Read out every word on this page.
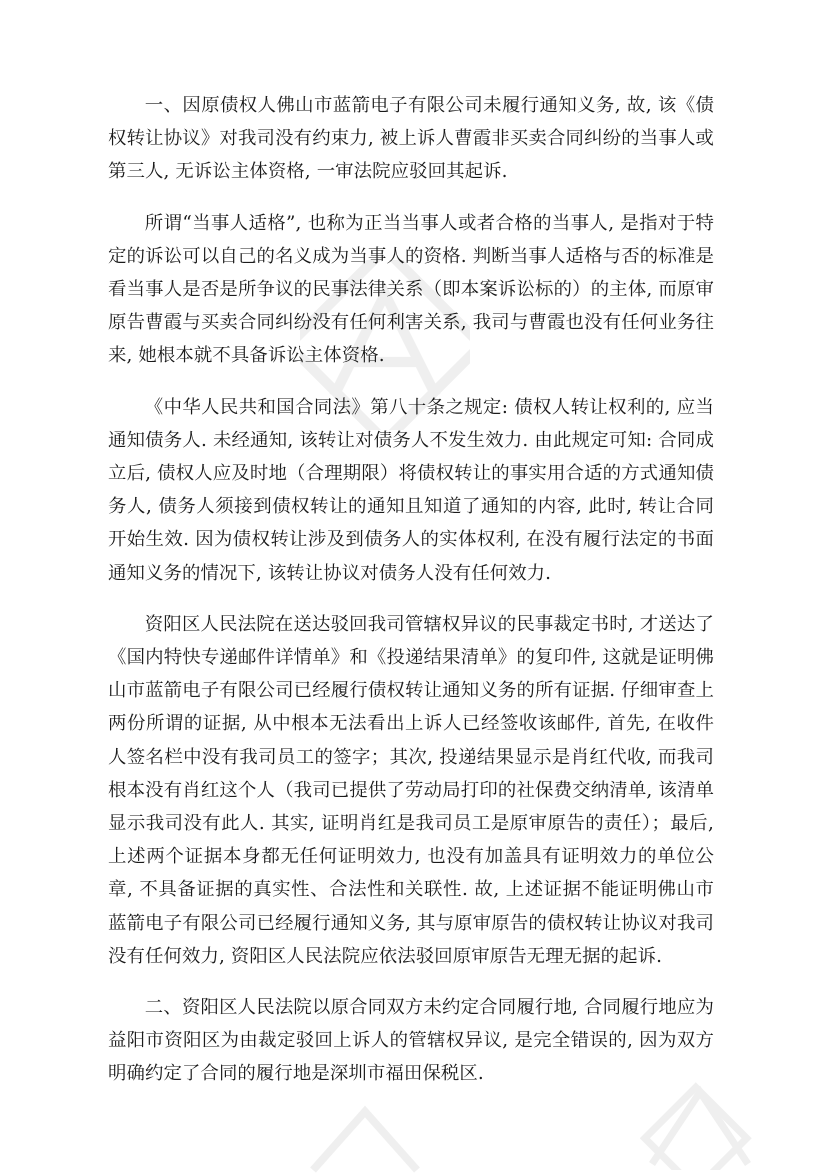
一、因原债权人佛山市蓝箭电子有限公司未履行通知义务, 故, 该《债权转让协议》对我司没有约束力, 被上诉人曹霞非买卖合同纠纷的当事人或第三人, 无诉讼主体资格, 一审法院应驳回其起诉.

所谓“当事人适格”, 也称为正当当事人或者合格的当事人, 是指对于特定的诉讼可以自己的名义成为当事人的资格. 判断当事人适格与否的标准是看当事人是否是所争议的民事法律关系（即本案诉讼标的）的主体, 而原审原告曹霞与买卖合同纠纷没有任何利害关系, 我司与曹霞也没有任何业务往来, 她根本就不具备诉讼主体资格.

《中华人民共和国合同法》第八十条之规定: 债权人转让权利的, 应当通知债务人. 未经通知, 该转让对债务人不发生效力. 由此规定可知: 合同成立后, 债权人应及时地（合理期限）将债权转让的事实用合适的方式通知债务人, 债务人须接到债权转让的通知且知道了通知的内容, 此时, 转让合同开始生效. 因为债权转让涉及到债务人的实体权利, 在没有履行法定的书面通知义务的情况下, 该转让协议对债务人没有任何效力.

资阳区人民法院在送达驳回我司管辖权异议的民事裁定书时, 才送达了《国内特快专递邮件详情单》和《投递结果清单》的复印件, 这就是证明佛山市蓝箭电子有限公司已经履行债权转让通知义务的所有证据. 仔细审查上两份所谓的证据, 从中根本无法看出上诉人已经签收该邮件, 首先, 在收件人签名栏中没有我司员工的签字；其次, 投递结果显示是肖红代收, 而我司根本没有肖红这个人（我司已提供了劳动局打印的社保费交纳清单, 该清单显示我司没有此人. 其实, 证明肖红是我司员工是原审原告的责任）；最后, 上述两个证据本身都无任何证明效力, 也没有加盖具有证明效力的单位公章, 不具备证据的真实性、合法性和关联性. 故, 上述证据不能证明佛山市蓝箭电子有限公司已经履行通知义务, 其与原审原告的债权转让协议对我司没有任何效力, 资阳区人民法院应依法驳回原审原告无理无据的起诉.

二、资阳区人民法院以原合同双方未约定合同履行地, 合同履行地应为益阳市资阳区为由裁定驳回上诉人的管辖权异议, 是完全错误的, 因为双方明确约定了合同的履行地是深圳市福田保税区.
